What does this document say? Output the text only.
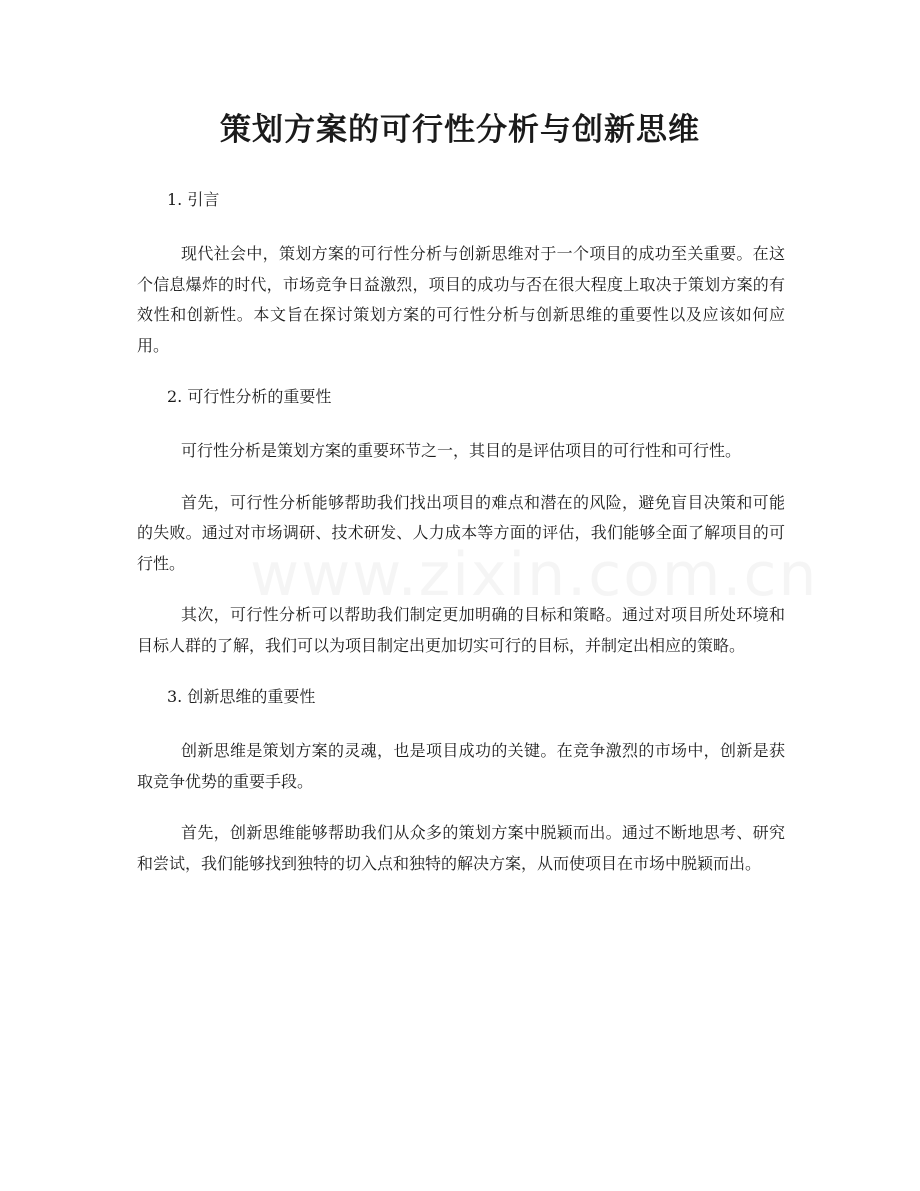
www.zixin.com.cn
策划方案的可行性分析与创新思维

1. 引言

现代社会中，策划方案的可行性分析与创新思维对于一个项目的成功至关重要。在这个信息爆炸的时代，市场竞争日益激烈，项目的成功与否在很大程度上取决于策划方案的有效性和创新性。本文旨在探讨策划方案的可行性分析与创新思维的重要性以及应该如何应用。

2. 可行性分析的重要性

可行性分析是策划方案的重要环节之一，其目的是评估项目的可行性和可行性。

首先，可行性分析能够帮助我们找出项目的难点和潜在的风险，避免盲目决策和可能的失败。通过对市场调研、技术研发、人力成本等方面的评估，我们能够全面了解项目的可行性。

其次，可行性分析可以帮助我们制定更加明确的目标和策略。通过对项目所处环境和目标人群的了解，我们可以为项目制定出更加切实可行的目标，并制定出相应的策略。

3. 创新思维的重要性

创新思维是策划方案的灵魂，也是项目成功的关键。在竞争激烈的市场中，创新是获取竞争优势的重要手段。

首先，创新思维能够帮助我们从众多的策划方案中脱颖而出。通过不断地思考、研究和尝试，我们能够找到独特的切入点和独特的解决方案，从而使项目在市场中脱颖而出。
